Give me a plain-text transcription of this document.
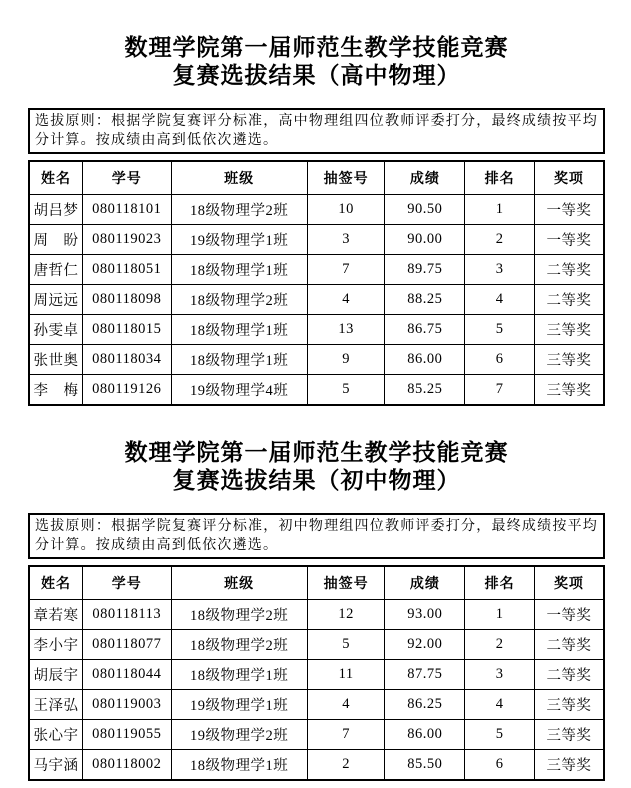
数理学院第一届师范生教学技能竞赛
复赛选拔结果（高中物理）
选拔原则：根据学院复赛评分标准，高中物理组四位教师评委打分，最终成绩按平均分计算。按成绩由高到低依次遴选。
姓名	学号	班级	抽签号	成绩	排名	奖项
胡吕梦	080118101	18级物理学2班	10	90.50	1	一等奖
周　盼	080119023	19级物理学1班	3	90.00	2	一等奖
唐哲仁	080118051	18级物理学1班	7	89.75	3	二等奖
周远远	080118098	18级物理学2班	4	88.25	4	二等奖
孙雯卓	080118015	18级物理学1班	13	86.75	5	三等奖
张世奥	080118034	18级物理学1班	9	86.00	6	三等奖
李　梅	080119126	19级物理学4班	5	85.25	7	三等奖
数理学院第一届师范生教学技能竞赛
复赛选拔结果（初中物理）
选拔原则：根据学院复赛评分标准，初中物理组四位教师评委打分，最终成绩按平均分计算。按成绩由高到低依次遴选。
姓名	学号	班级	抽签号	成绩	排名	奖项
章若寒	080118113	18级物理学2班	12	93.00	1	一等奖
李小宇	080118077	18级物理学2班	5	92.00	2	二等奖
胡辰宇	080118044	18级物理学1班	11	87.75	3	二等奖
王泽弘	080119003	19级物理学1班	4	86.25	4	三等奖
张心宇	080119055	19级物理学2班	7	86.00	5	三等奖
马宇涵	080118002	18级物理学1班	2	85.50	6	三等奖
